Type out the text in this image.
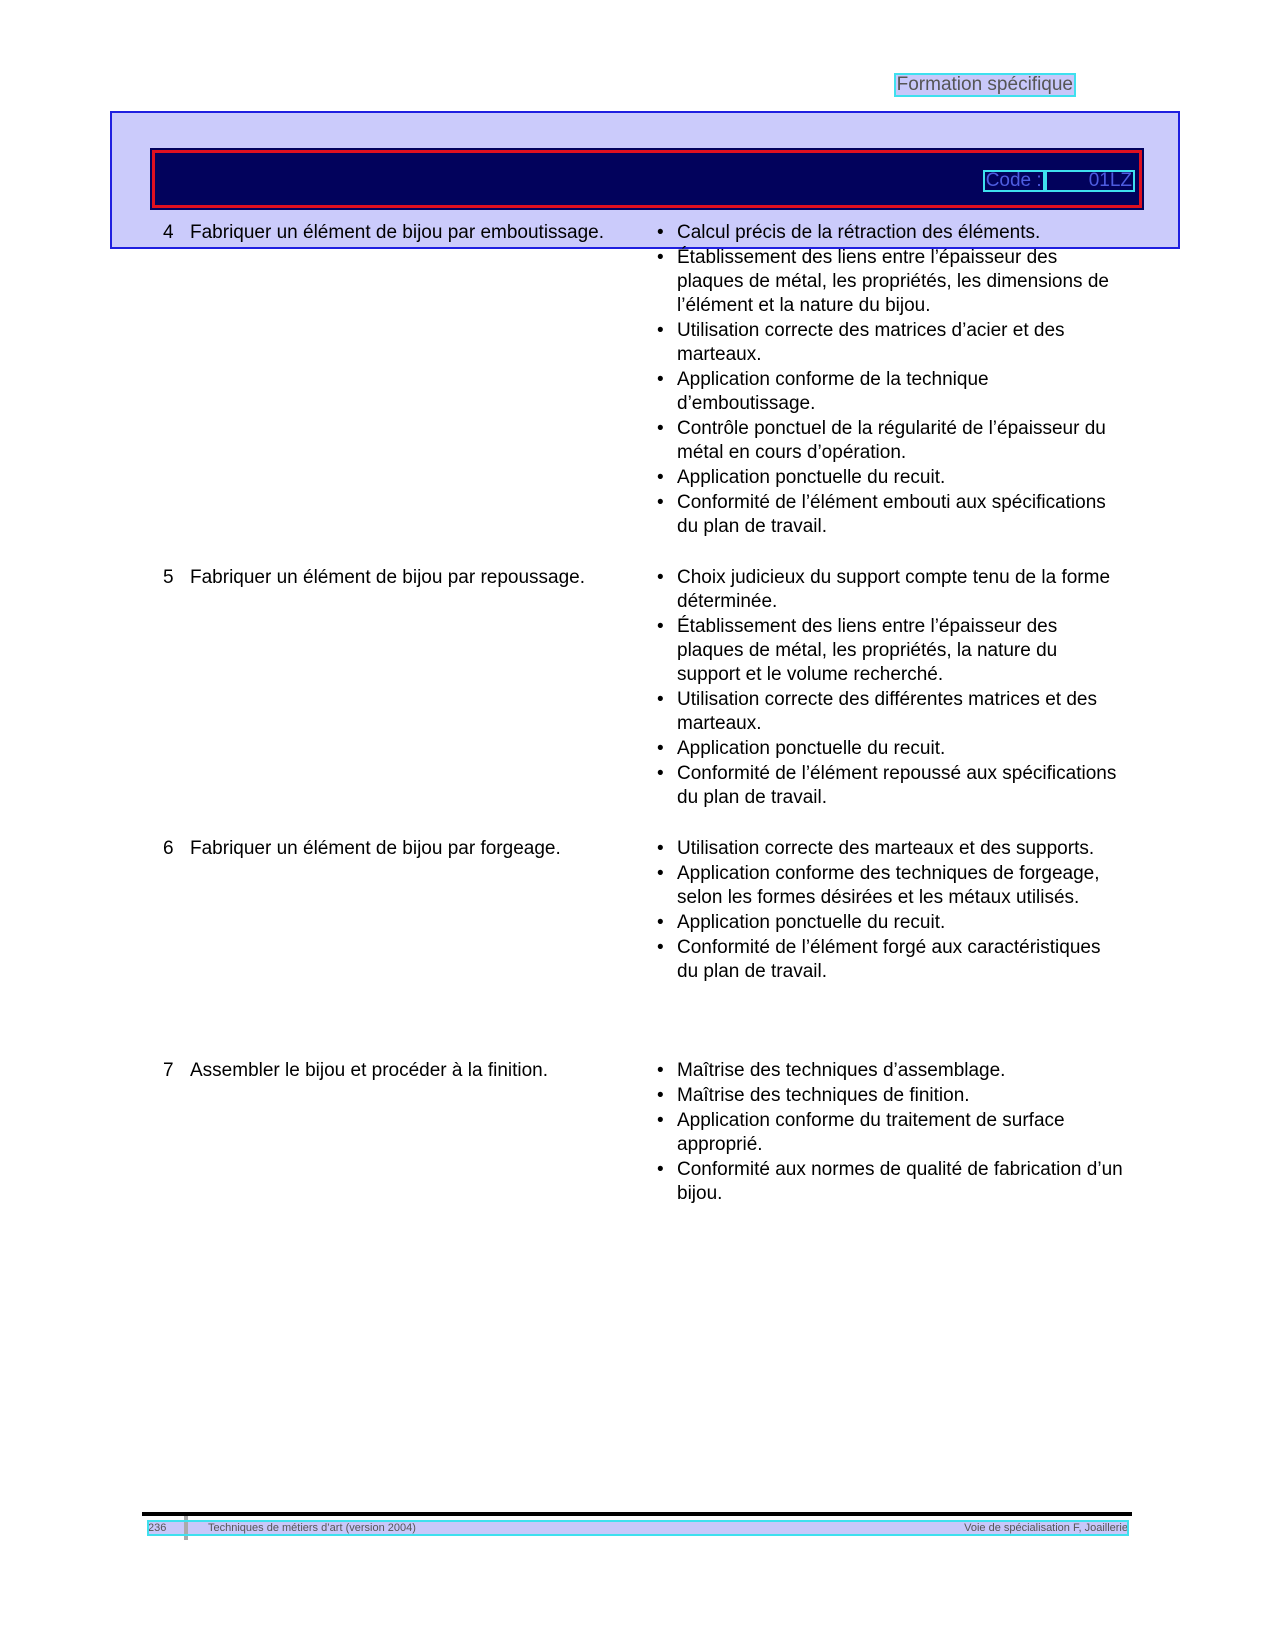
Formation spécifique
Code :	01LZ
4 Fabriquer un élément de bijou par emboutissage.	• Calcul précis de la rétraction des éléments.
• Établissement des liens entre l’épaisseur des plaques de métal, les propriétés, les dimensions de l’élément et la nature du bijou.
• Utilisation correcte des matrices d’acier et des marteaux.
• Application conforme de la technique d’emboutissage.
• Contrôle ponctuel de la régularité de l’épaisseur du métal en cours d’opération.
• Application ponctuelle du recuit.
• Conformité de l’élément embouti aux spécifications du plan de travail.
5 Fabriquer un élément de bijou par repoussage.	• Choix judicieux du support compte tenu de la forme déterminée.
• Établissement des liens entre l’épaisseur des plaques de métal, les propriétés, la nature du support et le volume recherché.
• Utilisation correcte des différentes matrices et des marteaux.
• Application ponctuelle du recuit.
• Conformité de l’élément repoussé aux spécifications du plan de travail.
6 Fabriquer un élément de bijou par forgeage.	• Utilisation correcte des marteaux et des supports.
• Application conforme des techniques de forgeage, selon les formes désirées et les métaux utilisés.
• Application ponctuelle du recuit.
• Conformité de l’élément forgé aux caractéristiques du plan de travail.
7 Assembler le bijou et procéder à la finition.	• Maîtrise des techniques d’assemblage.
• Maîtrise des techniques de finition.
• Application conforme du traitement de surface approprié.
• Conformité aux normes de qualité de fabrication d’un bijou.
236	Techniques de métiers d’art (version 2004)	Voie de spécialisation F, Joaillerie
